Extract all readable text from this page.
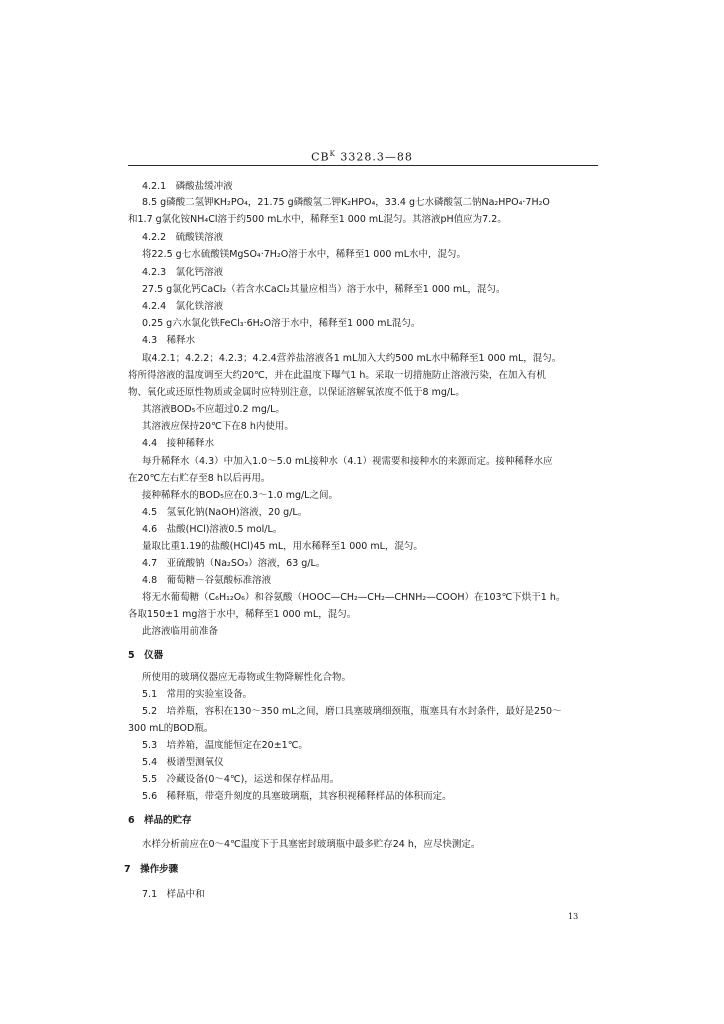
$CB^K$ 3328.3—88
4.2.1　磷酸盐缓冲液
8.5 g磷酸二氢钾KH₂PO₄，21.75 g磷酸氢二钾K₂HPO₄，33.4 g七水磷酸氢二钠Na₂HPO₄·7H₂O
和1.7 g氯化铵NH₄Cl溶于约500 mL水中，稀释至1 000 mL混匀。其溶液pH值应为7.2。
4.2.2　硫酸镁溶液
将22.5 g七水硫酸镁MgSO₄·7H₂O溶于水中，稀释至1 000 mL水中，混匀。
4.2.3　氯化钙溶液
27.5 g氯化钙CaCl₂（若含水CaCl₂其量应相当）溶于水中，稀释至1 000 mL，混匀。
4.2.4　氯化铁溶液
0.25 g六水氯化铁FeCl₃·6H₂O溶于水中，稀释至1 000 mL混匀。
4.3　稀释水
取4.2.1；4.2.2；4.2.3；4.2.4营养盐溶液各1 mL加入大约500 mL水中稀释至1 000 mL，混匀。
将所得溶液的温度调至大约20℃，并在此温度下曝气1 h。采取一切措施防止溶液污染，在加入有机
物、氧化或还原性物质或金属时应特别注意，以保证溶解氧浓度不低于8 mg/L。
其溶液BOD₅不应超过0.2 mg/L。
其溶液应保持20℃下在8 h内使用。
4.4　接种稀释水
每升稀释水（4.3）中加入1.0～5.0 mL接种水（4.1）视需要和接种水的来源而定。接种稀释水应
在20℃左右贮存至8 h以后再用。
接种稀释水的BOD₅应在0.3～1.0 mg/L之间。
4.5　氢氧化钠(NaOH)溶液，20 g/L。
4.6　盐酸(HCl)溶液0.5 mol/L。
量取比重1.19的盐酸(HCl)45 mL，用水稀释至1 000 mL，混匀。
4.7　亚硫酸钠（Na₂SO₃）溶液，63 g/L。
4.8　葡萄糖－谷氨酸标准溶液
将无水葡萄糖（C₆H₁₂O₆）和谷氨酸（HOOC—CH₂—CH₂—CHNH₂—COOH）在103℃下烘干1 h。
各取150±1 mg溶于水中，稀释至1 000 mL，混匀。
此溶液临用前准备
5　仪器
所使用的玻璃仪器应无毒物或生物降解性化合物。
5.1　常用的实验室设备。
5.2　培养瓶，容积在130～350 mL之间，磨口具塞玻璃细颈瓶，瓶塞具有水封条件，最好是250～
300 mL的BOD瓶。
5.3　培养箱，温度能恒定在20±1℃。
5.4　极谱型测氧仪
5.5　冷藏设备(0～4℃)，运送和保存样品用。
5.6　稀释瓶，带毫升刻度的具塞玻璃瓶，其容积视稀释样品的体积而定。
6　样品的贮存
水样分析前应在0～4℃温度下于具塞密封玻璃瓶中最多贮存24 h，应尽快测定。
7　操作步骤
7.1　样品中和
13
